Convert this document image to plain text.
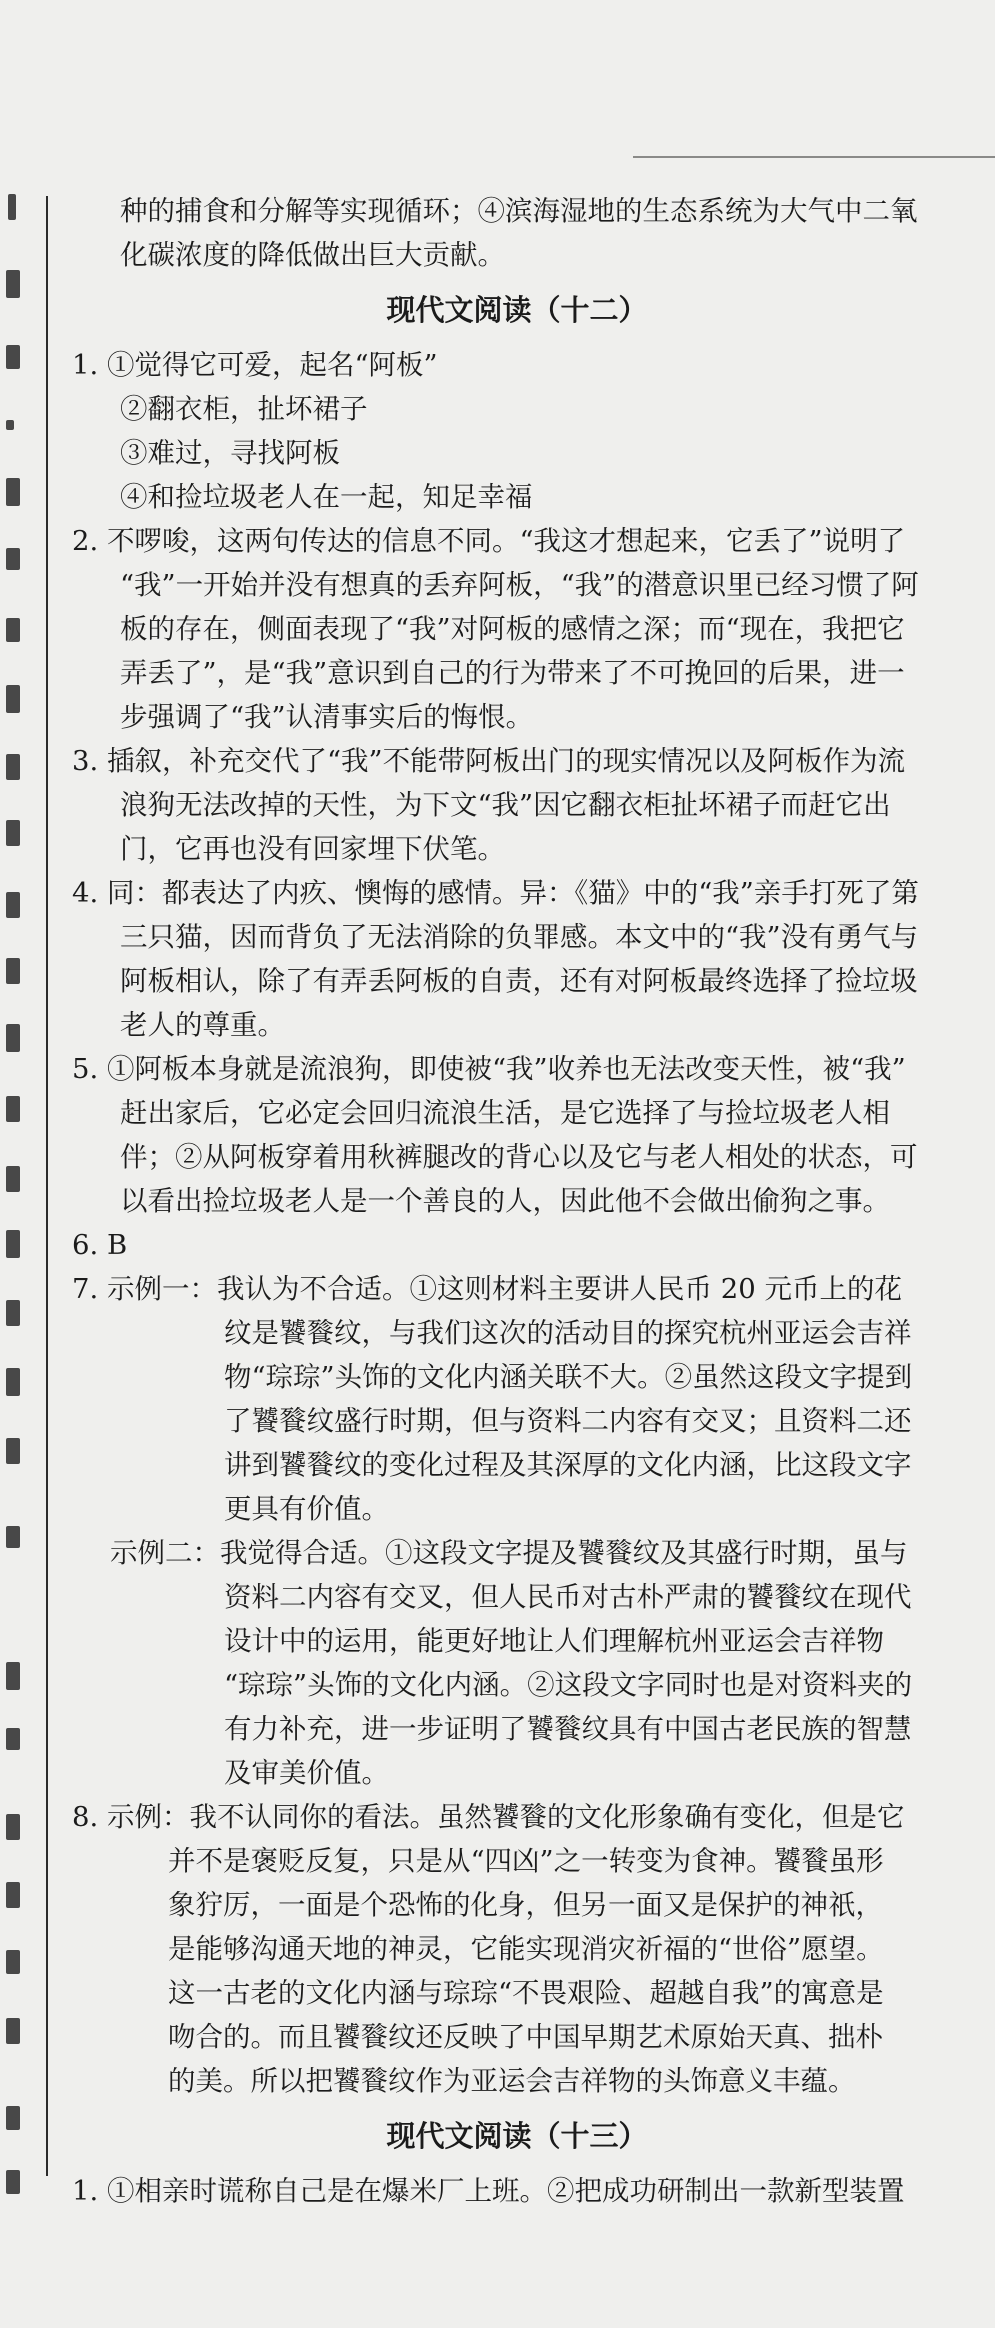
种的捕食和分解等实现循环；④滨海湿地的生态系统为大气中二氧
化碳浓度的降低做出巨大贡献。
现代文阅读（十二）
1. ①觉得它可爱，起名“阿板”
②翻衣柜，扯坏裙子
③难过，寻找阿板
④和捡垃圾老人在一起，知足幸福
2. 不啰唆，这两句传达的信息不同。“我这才想起来，它丢了”说明了
“我”一开始并没有想真的丢弃阿板，“我”的潜意识里已经习惯了阿
板的存在，侧面表现了“我”对阿板的感情之深；而“现在，我把它
弄丢了”，是“我”意识到自己的行为带来了不可挽回的后果，进一
步强调了“我”认清事实后的悔恨。
3. 插叙，补充交代了“我”不能带阿板出门的现实情况以及阿板作为流
浪狗无法改掉的天性，为下文“我”因它翻衣柜扯坏裙子而赶它出
门，它再也没有回家埋下伏笔。
4. 同：都表达了内疚、懊悔的感情。异：《猫》中的“我”亲手打死了第
三只猫，因而背负了无法消除的负罪感。本文中的“我”没有勇气与
阿板相认，除了有弄丢阿板的自责，还有对阿板最终选择了捡垃圾
老人的尊重。
5. ①阿板本身就是流浪狗，即使被“我”收养也无法改变天性，被“我”
赶出家后，它必定会回归流浪生活，是它选择了与捡垃圾老人相
伴；②从阿板穿着用秋裤腿改的背心以及它与老人相处的状态，可
以看出捡垃圾老人是一个善良的人，因此他不会做出偷狗之事。
6. B
7. 示例一：我认为不合适。①这则材料主要讲人民币 20 元币上的花
纹是饕餮纹，与我们这次的活动目的探究杭州亚运会吉祥
物“琮琮”头饰的文化内涵关联不大。②虽然这段文字提到
了饕餮纹盛行时期，但与资料二内容有交叉；且资料二还
讲到饕餮纹的变化过程及其深厚的文化内涵，比这段文字
更具有价值。
示例二：我觉得合适。①这段文字提及饕餮纹及其盛行时期，虽与
资料二内容有交叉，但人民币对古朴严肃的饕餮纹在现代
设计中的运用，能更好地让人们理解杭州亚运会吉祥物
“琮琮”头饰的文化内涵。②这段文字同时也是对资料夹的
有力补充，进一步证明了饕餮纹具有中国古老民族的智慧
及审美价值。
8. 示例：我不认同你的看法。虽然饕餮的文化形象确有变化，但是它
并不是褒贬反复，只是从“四凶”之一转变为食神。饕餮虽形
象狞厉，一面是个恐怖的化身，但另一面又是保护的神祇，
是能够沟通天地的神灵，它能实现消灾祈福的“世俗”愿望。
这一古老的文化内涵与琮琮“不畏艰险、超越自我”的寓意是
吻合的。而且饕餮纹还反映了中国早期艺术原始天真、拙朴
的美。所以把饕餮纹作为亚运会吉祥物的头饰意义丰蕴。
现代文阅读（十三）
1. ①相亲时谎称自己是在爆米厂上班。②把成功研制出一款新型装置
